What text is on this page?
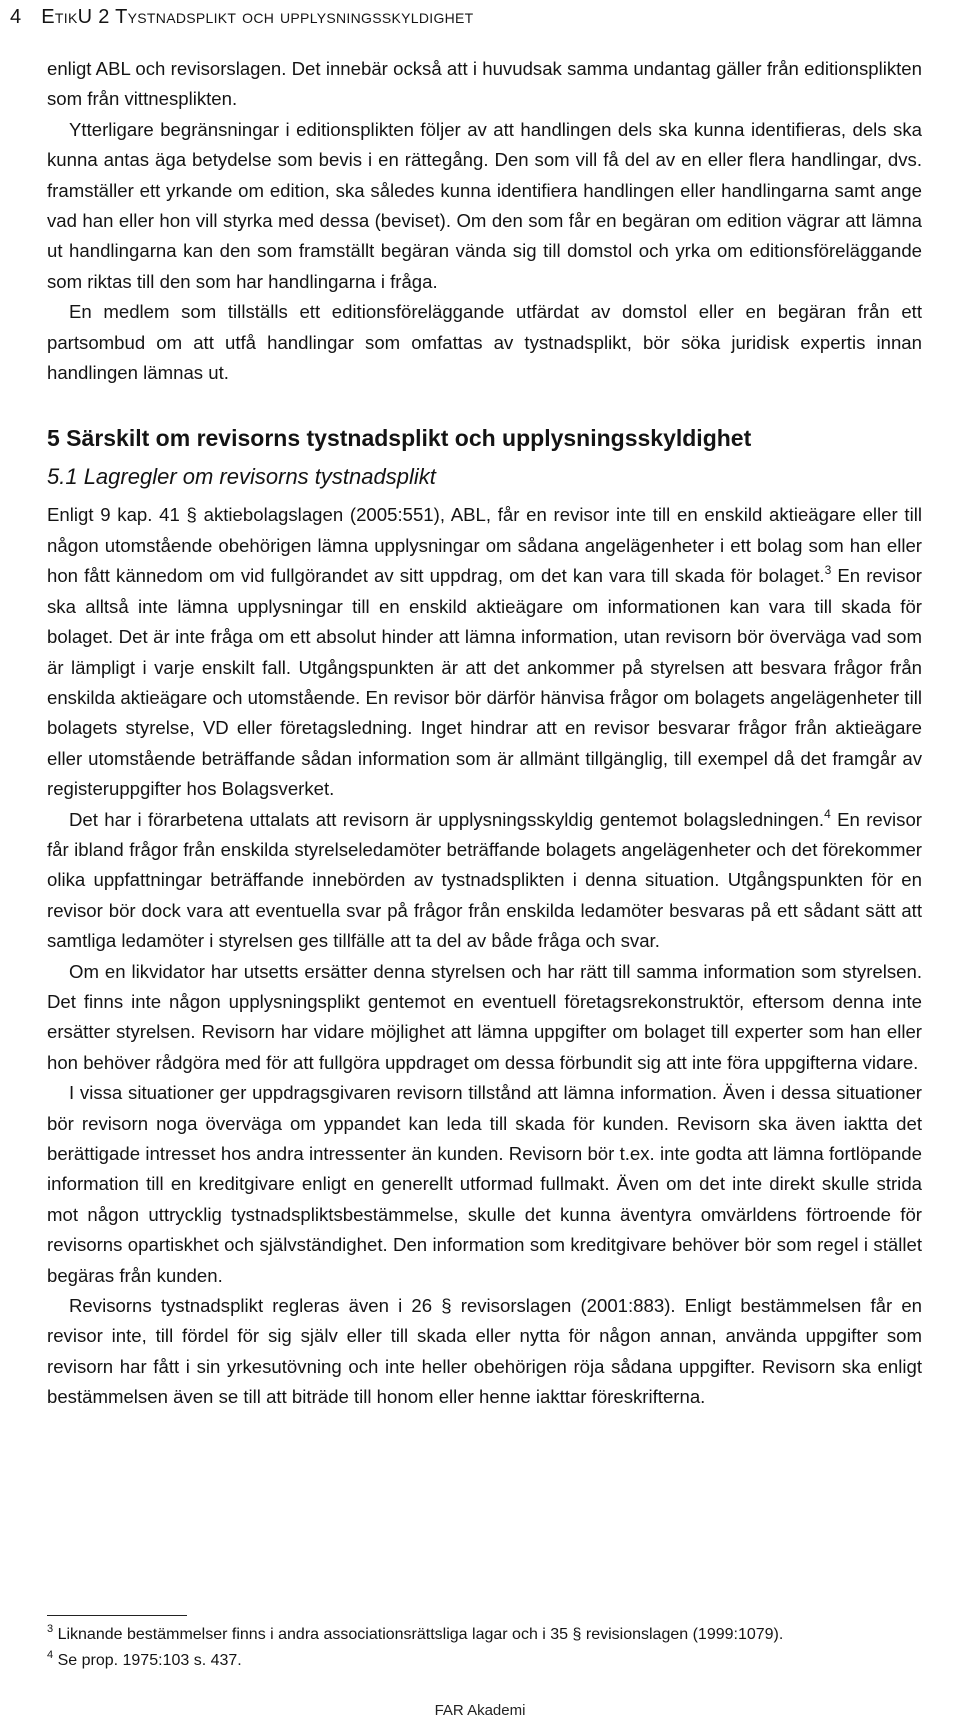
4 EtikU 2 Tystnadsplikt och upplysningsskyldighet

enligt ABL och revisorslagen. Det innebär också att i huvudsak samma undantag gäller från editionsplikten som från vittnesplikten.

Ytterligare begränsningar i editionsplikten följer av att handlingen dels ska kunna identifieras, dels ska kunna antas äga betydelse som bevis i en rättegång. Den som vill få del av en eller flera handlingar, dvs. framställer ett yrkande om edition, ska således kunna identifiera handlingen eller handlingarna samt ange vad han eller hon vill styrka med dessa (beviset). Om den som får en begäran om edition vägrar att lämna ut handlingarna kan den som framställt begäran vända sig till domstol och yrka om editionsföreläggande som riktas till den som har handlingarna i fråga.

En medlem som tillställs ett editionsföreläggande utfärdat av domstol eller en begäran från ett partsombud om att utfå handlingar som omfattas av tystnadsplikt, bör söka juridisk expertis innan handlingen lämnas ut.

5 Särskilt om revisorns tystnadsplikt och upplysningsskyldighet
5.1 Lagregler om revisorns tystnadsplikt

Enligt 9 kap. 41 § aktiebolagslagen (2005:551), ABL, får en revisor inte till en enskild aktieägare eller till någon utomstående obehörigen lämna upplysningar om sådana angelägenheter i ett bolag som han eller hon fått kännedom om vid fullgörandet av sitt uppdrag, om det kan vara till skada för bolaget.$^3$ En revisor ska alltså inte lämna upplysningar till en enskild aktieägare om informationen kan vara till skada för bolaget. Det är inte fråga om ett absolut hinder att lämna information, utan revisorn bör överväga vad som är lämpligt i varje enskilt fall. Utgångspunkten är att det ankommer på styrelsen att besvara frågor från enskilda aktieägare och utomstående. En revisor bör därför hänvisa frågor om bolagets angelägenheter till bolagets styrelse, VD eller företagsledning. Inget hindrar att en revisor besvarar frågor från aktieägare eller utomstående beträffande sådan information som är allmänt tillgänglig, till exempel då det framgår av registeruppgifter hos Bolagsverket.

Det har i förarbetena uttalats att revisorn är upplysningsskyldig gentemot bolagsledningen.$^4$ En revisor får ibland frågor från enskilda styrelseledamöter beträffande bolagets angelägenheter och det förekommer olika uppfattningar beträffande innebörden av tystnadsplikten i denna situation. Utgångspunkten för en revisor bör dock vara att eventuella svar på frågor från enskilda ledamöter besvaras på ett sådant sätt att samtliga ledamöter i styrelsen ges tillfälle att ta del av både fråga och svar.

Om en likvidator har utsetts ersätter denna styrelsen och har rätt till samma information som styrelsen. Det finns inte någon upplysningsplikt gentemot en eventuell företagsrekonstruktör, eftersom denna inte ersätter styrelsen. Revisorn har vidare möjlighet att lämna uppgifter om bolaget till experter som han eller hon behöver rådgöra med för att fullgöra uppdraget om dessa förbundit sig att inte föra uppgifterna vidare.

I vissa situationer ger uppdragsgivaren revisorn tillstånd att lämna information. Även i dessa situationer bör revisorn noga överväga om yppandet kan leda till skada för kunden. Revisorn ska även iaktta det berättigade intresset hos andra intressenter än kunden. Revisorn bör t.ex. inte godta att lämna fortlöpande information till en kreditgivare enligt en generellt utformad fullmakt. Även om det inte direkt skulle strida mot någon uttrycklig tystnadspliktsbestämmelse, skulle det kunna äventyra omvärldens förtroende för revisorns opartiskhet och självständighet. Den information som kreditgivare behöver bör som regel i stället begäras från kunden.

Revisorns tystnadsplikt regleras även i 26 § revisorslagen (2001:883). Enligt bestämmelsen får en revisor inte, till fördel för sig själv eller till skada eller nytta för någon annan, använda uppgifter som revisorn har fått i sin yrkesutövning och inte heller obehörigen röja sådana uppgifter. Revisorn ska enligt bestämmelsen även se till att biträde till honom eller henne iakttar föreskrifterna.

$^3$ Liknande bestämmelser finns i andra associationsrättsliga lagar och i 35 § revisionslagen (1999:1079).
$^4$ Se prop. 1975:103 s. 437.
FAR Akademi
